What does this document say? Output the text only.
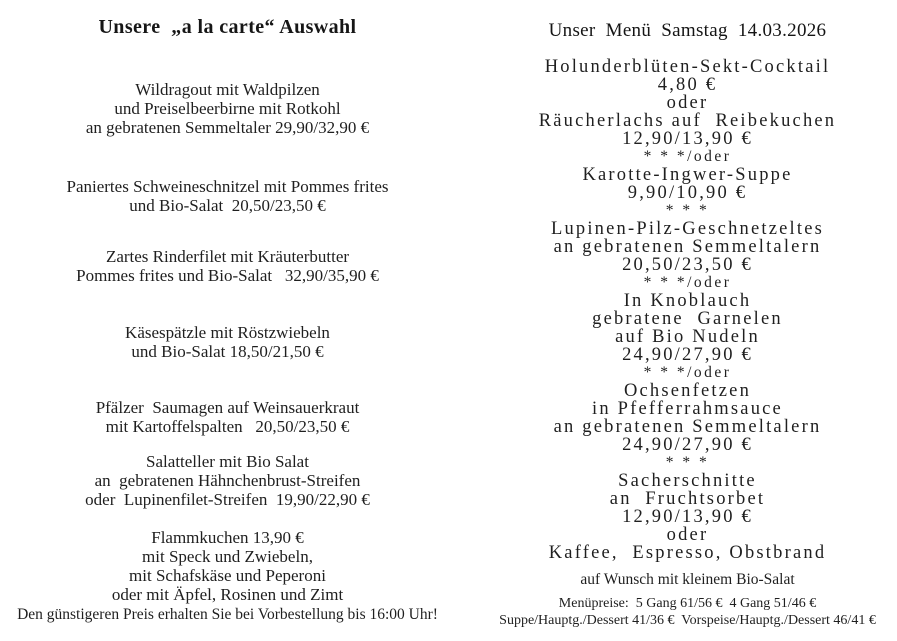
Unsere  „a la carte“ Auswahl
Wildragout mit Waldpilzen
und Preiselbeerbirne mit Rotkohl
an gebratenen Semmeltaler 29,90/32,90 €
Paniertes Schweineschnitzel mit Pommes frites
und Bio-Salat  20,50/23,50 €
Zartes Rinderfilet mit Kräuterbutter
Pommes frites und Bio-Salat   32,90/35,90 €
Käsespätzle mit Röstzwiebeln
und Bio-Salat 18,50/21,50 €
Pfälzer  Saumagen auf Weinsauerkraut
mit Kartoffelspalten   20,50/23,50 €
Salatteller mit Bio Salat
an  gebratenen Hähnchenbrust-Streifen
oder  Lupinenfilet-Streifen  19,90/22,90 €
Flammkuchen 13,90 €
mit Speck und Zwiebeln,
mit Schafskäse und Peperoni
oder mit Äpfel, Rosinen und Zimt
Den günstigeren Preis erhalten Sie bei Vorbestellung bis 16:00 Uhr!
Unser  Menü  Samstag  14.03.2026
Holunderblüten-Sekt-Cocktail
4,80 €
oder
Räucherlachs auf  Reibekuchen
12,90/13,90 €
* * */oder
Karotte-Ingwer-Suppe
9,90/10,90 €
* * *
Lupinen-Pilz-Geschnetzeltes
an gebratenen Semmeltalern
20,50/23,50 €
* * */oder
In Knoblauch
gebratene  Garnelen
auf Bio Nudeln
24,90/27,90 €
* * */oder
Ochsenfetzen
in Pfefferrahmsauce
an gebratenen Semmeltalern
24,90/27,90 €
* * *
Sacherschnitte
an  Fruchtsorbet
12,90/13,90 €
oder
Kaffee,  Espresso, Obstbrand
auf Wunsch mit kleinem Bio-Salat
Menüpreise:  5 Gang 61/56 €  4 Gang 51/46 €
Suppe/Hauptg./Dessert 41/36 €  Vorspeise/Hauptg./Dessert 46/41 €
